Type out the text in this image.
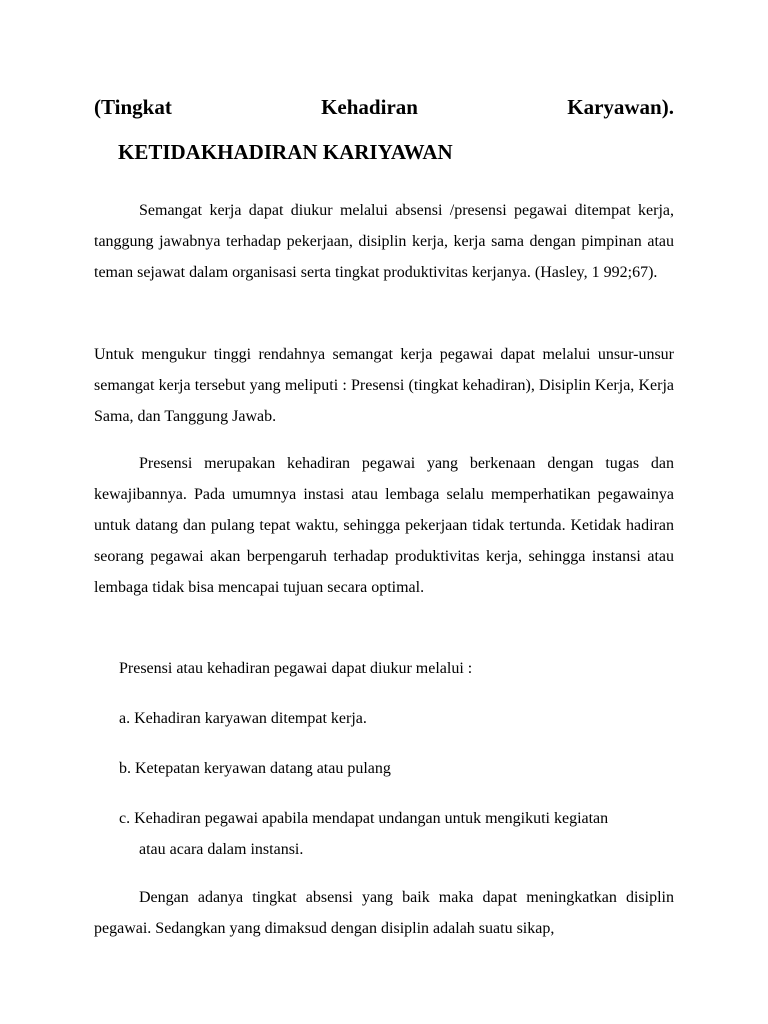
(Tingkat	Kehadiran	Karyawan).
KETIDAKHADIRAN KARIYAWAN

Semangat kerja dapat diukur melalui absensi /presensi pegawai ditempat kerja, tanggung jawabnya terhadap pekerjaan, disiplin kerja, kerja sama dengan pimpinan atau teman sejawat dalam organisasi serta tingkat produktivitas kerjanya. (Hasley, 1 992;67).

Untuk mengukur tinggi rendahnya semangat kerja pegawai dapat melalui unsur-unsur semangat kerja tersebut yang meliputi : Presensi (tingkat kehadiran), Disiplin Kerja, Kerja Sama, dan Tanggung Jawab.

Presensi merupakan kehadiran pegawai yang berkenaan dengan tugas dan kewajibannya. Pada umumnya instasi atau lembaga selalu memperhatikan pegawainya untuk datang dan pulang tepat waktu, sehingga pekerjaan tidak tertunda. Ketidak hadiran seorang pegawai akan berpengaruh terhadap produktivitas kerja, sehingga instansi atau lembaga tidak bisa mencapai tujuan secara optimal.

Presensi atau kehadiran pegawai dapat diukur melalui :

a. Kehadiran karyawan ditempat kerja.

b. Ketepatan keryawan datang atau pulang

c. Kehadiran pegawai apabila mendapat undangan untuk mengikuti kegiatan

atau acara dalam instansi.

Dengan adanya tingkat absensi yang baik maka dapat meningkatkan disiplin pegawai. Sedangkan yang dimaksud dengan disiplin adalah suatu sikap,
